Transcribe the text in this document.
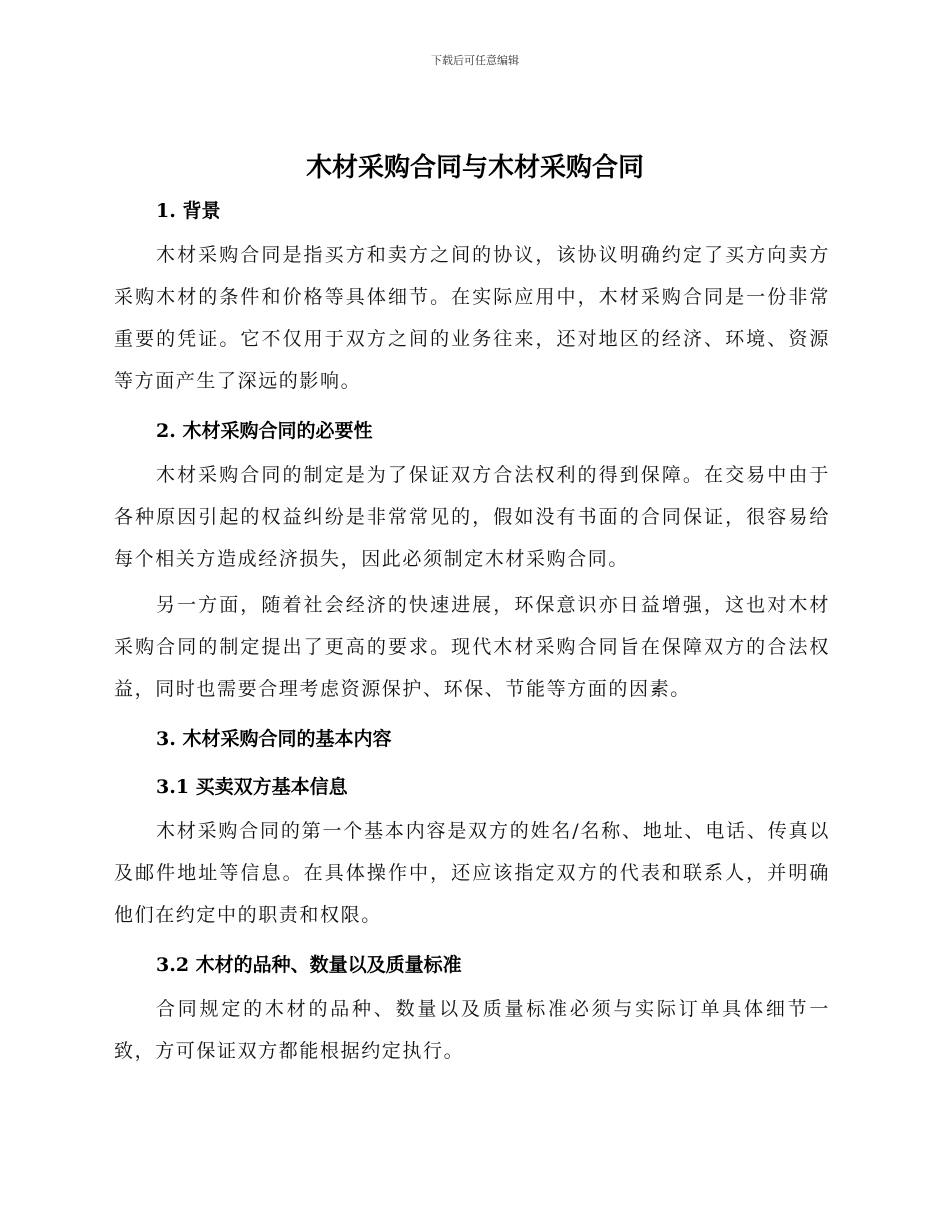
下载后可任意编辑
木材采购合同与木材采购合同
1. 背景

木材采购合同是指买方和卖方之间的协议，该协议明确约定了买方向卖方采购木材的条件和价格等具体细节。在实际应用中，木材采购合同是一份非常重要的凭证。它不仅用于双方之间的业务往来，还对地区的经济、环境、资源等方面产生了深远的影响。

2. 木材采购合同的必要性

木材采购合同的制定是为了保证双方合法权利的得到保障。在交易中由于各种原因引起的权益纠纷是非常常见的，假如没有书面的合同保证，很容易给每个相关方造成经济损失，因此必须制定木材采购合同。

另一方面，随着社会经济的快速进展，环保意识亦日益增强，这也对木材采购合同的制定提出了更高的要求。现代木材采购合同旨在保障双方的合法权益，同时也需要合理考虑资源保护、环保、节能等方面的因素。

3. 木材采购合同的基本内容
3.1 买卖双方基本信息

木材采购合同的第一个基本内容是双方的姓名/名称、地址、电话、传真以及邮件地址等信息。在具体操作中，还应该指定双方的代表和联系人，并明确他们在约定中的职责和权限。

3.2 木材的品种、数量以及质量标准

合同规定的木材的品种、数量以及质量标准必须与实际订单具体细节一致，方可保证双方都能根据约定执行。
